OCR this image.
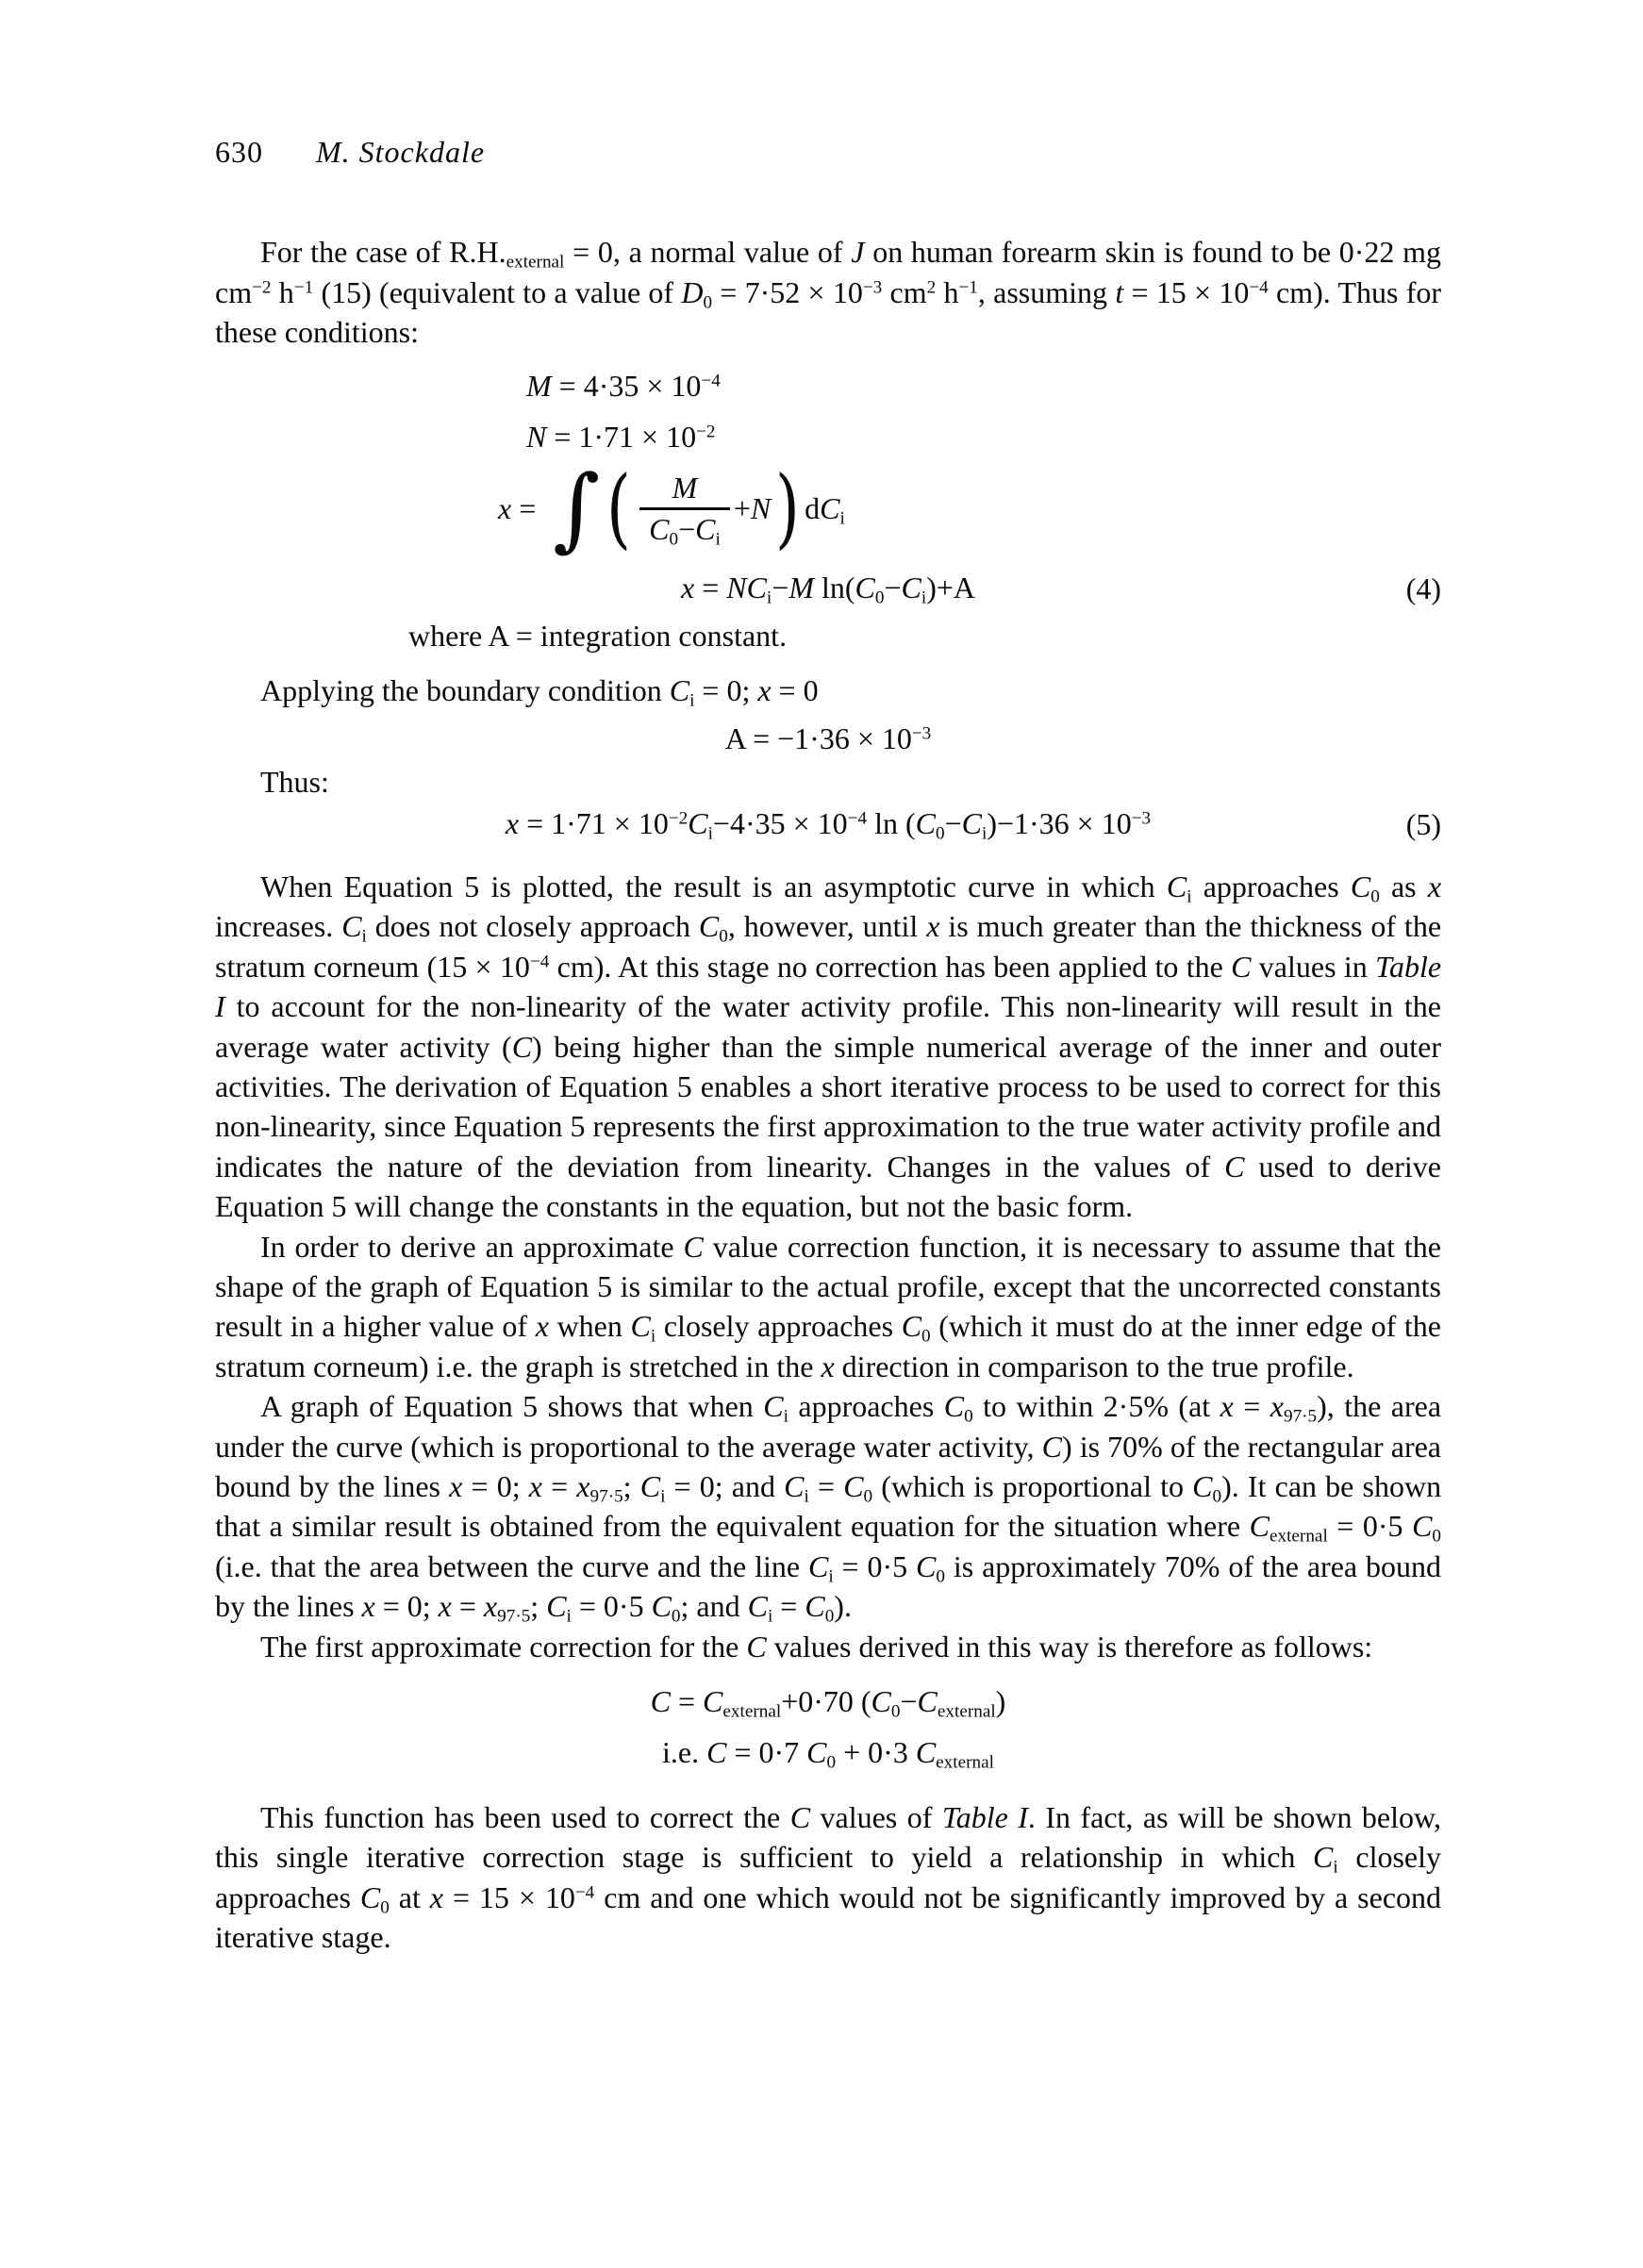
630 M. Stockdale

For the case of $R.H._{external} = 0$, a normal value of J on human forearm skin is found to be 0·22 mg $cm^{-2}$ $h^{-1}$ (15) (equivalent to a value of $D_0 = 7\cdot 52 \times 10^{-3}$ $cm^2$ $h^{-1}$, assuming $t = 15 \times 10^{-4}$ cm). Thus for these conditions:

$M = 4\cdot 35 \times 10^{-4}$
$N = 1\cdot 71 \times 10^{-2}$
x = ∫ ( $\frac{M}{C_0-C_i} +N$ ) $dC_i$
$x = NC_i-M$ $\ln(C_0-C_i)+A$	(4)
where A = integration constant.

Applying the boundary condition $C_i = 0$; x = 0

$A = -1\cdot 36 \times 10^{-3}$

Thus:

$x = 1\cdot 71 \times 10^{-2}C_i-4\cdot 35 \times 10^{-4}$ $\ln (C_0-C_i)-1\cdot 36 \times 10^{-3}$	(5)

When Equation 5 is plotted, the result is an asymptotic curve in which $C_i$ approaches $C_0$ as x increases. $C_i$ does not closely approach $C_0$, however, until x is much greater than the thickness of the stratum corneum ($15 \times 10^{-4}$ cm). At this stage no correction has been applied to the C values in Table I to account for the non-linearity of the water activity profile. This non-linearity will result in the average water activity (C) being higher than the simple numerical average of the inner and outer activities. The derivation of Equation 5 enables a short iterative process to be used to correct for this non-linearity, since Equation 5 represents the first approximation to the true water activity profile and indicates the nature of the deviation from linearity. Changes in the values of C used to derive Equation 5 will change the constants in the equation, but not the basic form.

In order to derive an approximate C value correction function, it is necessary to assume that the shape of the graph of Equation 5 is similar to the actual profile, except that the uncorrected constants result in a higher value of x when $C_i$ closely approaches $C_0$ (which it must do at the inner edge of the stratum corneum) i.e. the graph is stretched in the x direction in comparison to the true profile.

A graph of Equation 5 shows that when $C_i$ approaches $C_0$ to within 2·5% (at $x = x_{97\cdot 5}$), the area under the curve (which is proportional to the average water activity, C) is 70% of the rectangular area bound by the lines x = 0; $x = x_{97\cdot 5}$; $C_i = 0$; and $C_i = C_0$ (which is proportional to $C_0$). It can be shown that a similar result is obtained from the equivalent equation for the situation where $C_{external} = 0\cdot 5$ $C_0$ (i.e. that the area between the curve and the line $C_i = 0\cdot 5$ $C_0$ is approximately 70% of the area bound by the lines x = 0; $x = x_{97\cdot 5}$; $C_i = 0\cdot 5$ $C_0$; and $C_i = C_0$).

The first approximate correction for the C values derived in this way is therefore as follows:

$C = C_{external}+0\cdot 70$ $(C_0-C_{external})$
i.e. C = 0·7 $C_0 + 0\cdot 3$ $C_{external}$

This function has been used to correct the C values of Table I. In fact, as will be shown below, this single iterative correction stage is sufficient to yield a relationship in which $C_i$ closely approaches $C_0$ at $x = 15 \times 10^{-4}$ cm and one which would not be significantly improved by a second iterative stage.
